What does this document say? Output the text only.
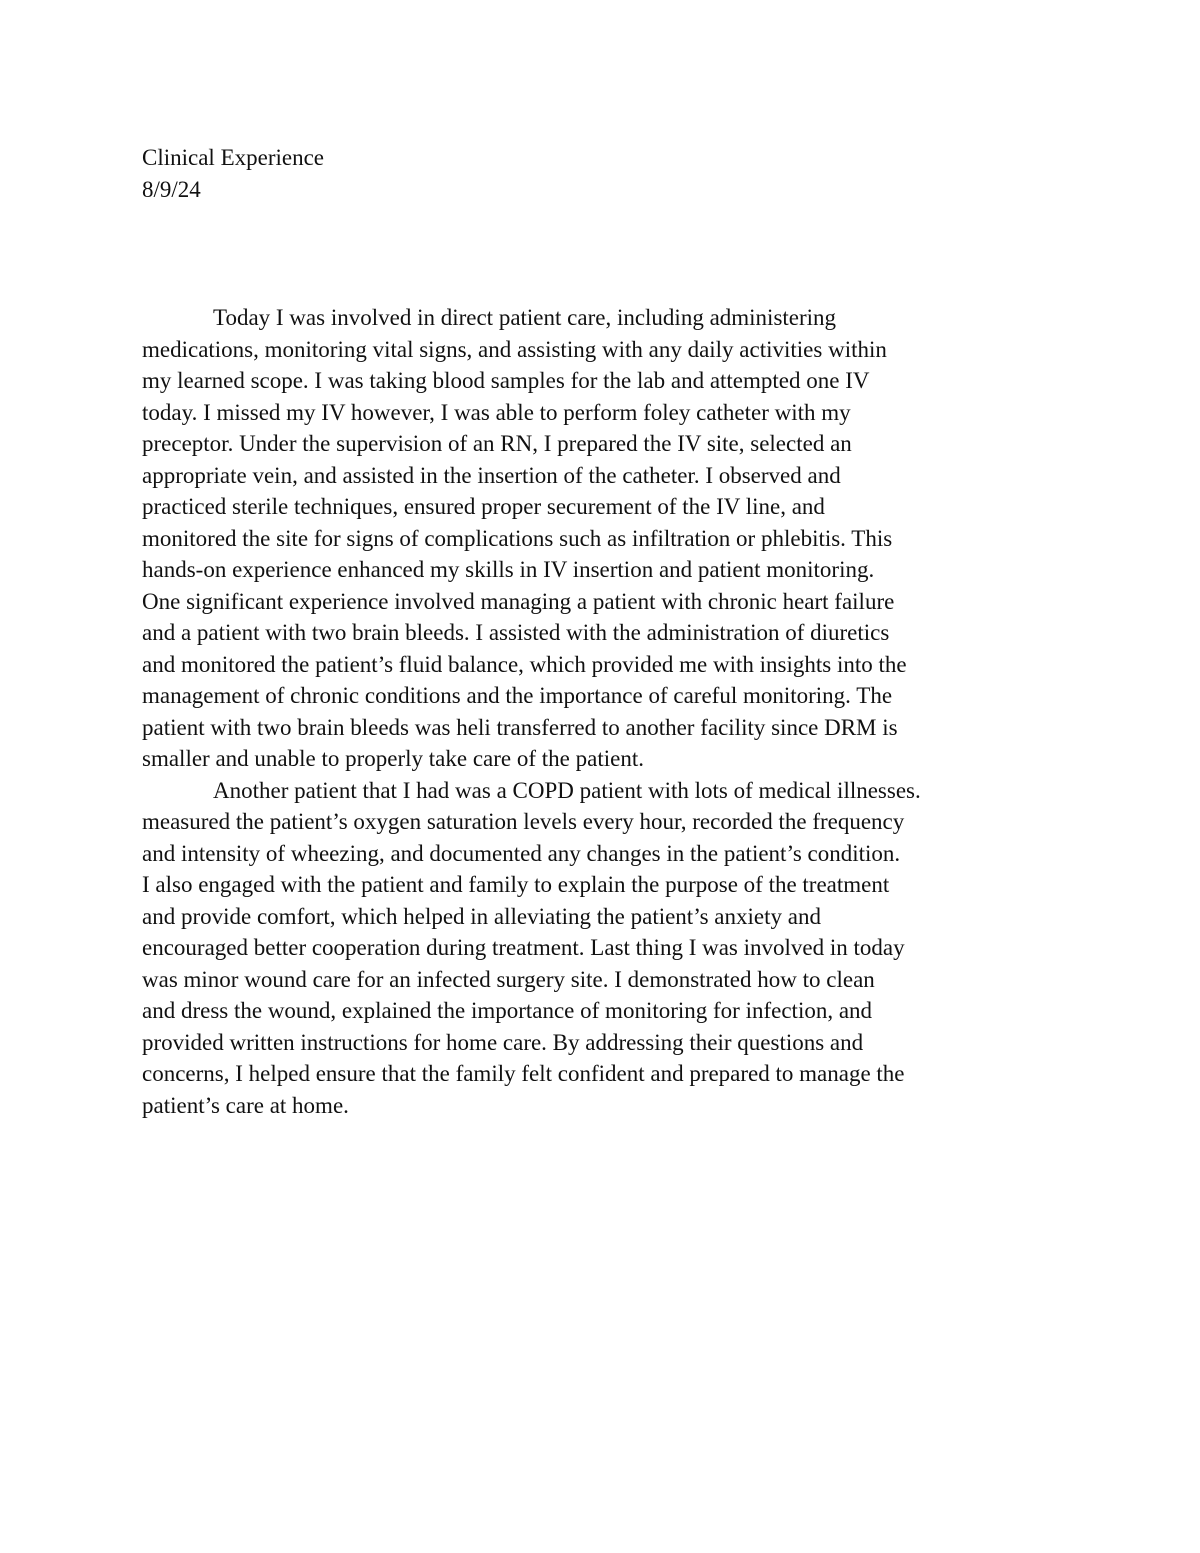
Clinical Experience

8/9/24

Today I was involved in direct patient care, including administering

medications, monitoring vital signs, and assisting with any daily activities within

my learned scope. I was taking blood samples for the lab and attempted one IV

today. I missed my IV however, I was able to perform foley catheter with my

preceptor. Under the supervision of an RN, I prepared the IV site, selected an

appropriate vein, and assisted in the insertion of the catheter. I observed and

practiced sterile techniques, ensured proper securement of the IV line, and

monitored the site for signs of complications such as infiltration or phlebitis. This

hands-on experience enhanced my skills in IV insertion and patient monitoring.

One significant experience involved managing a patient with chronic heart failure

and a patient with two brain bleeds. I assisted with the administration of diuretics

and monitored the patient’s fluid balance, which provided me with insights into the

management of chronic conditions and the importance of careful monitoring. The

patient with two brain bleeds was heli transferred to another facility since DRM is

smaller and unable to properly take care of the patient.

Another patient that I had was a COPD patient with lots of medical illnesses.

measured the patient’s oxygen saturation levels every hour, recorded the frequency

and intensity of wheezing, and documented any changes in the patient’s condition.

I also engaged with the patient and family to explain the purpose of the treatment

and provide comfort, which helped in alleviating the patient’s anxiety and

encouraged better cooperation during treatment. Last thing I was involved in today

was minor wound care for an infected surgery site. I demonstrated how to clean

and dress the wound, explained the importance of monitoring for infection, and

provided written instructions for home care. By addressing their questions and

concerns, I helped ensure that the family felt confident and prepared to manage the

patient’s care at home.
